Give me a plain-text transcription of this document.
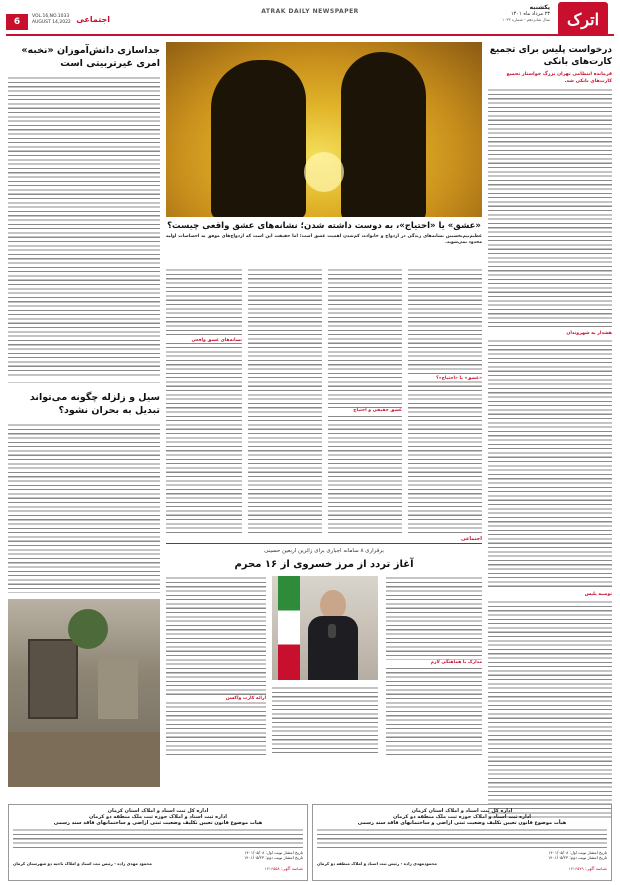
اترک
یکشنبه
۲۳ مرداد ماه ۱۴۰۱
سال شانزدهم - شماره ۱۰۳۳
ATRAK DAILY NEWSPAPER
6	اجتماعی
VOL.16,NO.1033
AUGUST 14,2022
جداسازی دانش‌آموزان «نخبه» امری غیرتربیتی است
سیل و زلزله چگونه می‌تواند تبدیل به بحران نشود؟
درخواست پلیس برای تجمیع کارت‌های بانکی
فرمانده انتظامی تهران بزرگ خواستار تجمیع کارت‌های بانکی شد.
هشدار به شهروندان
توصیه پلیس
«عشق» یا «احتیاج»، به دوست داشته شدن؛ نشانه‌های عشق واقعی چیست؟
عظیم‌نیم‌نخستین نشانه‌های زندگی در ازدواج و خانواده، کم‌شدن اهمیت عشق است؛ اما حقیقت این است که ازدواج‌های موفق به احساسات اولیه محدود نمی‌شوند.
«عشق» یا «احتیاج»؟
عشق حقیقی و احتیاج
نشانه‌های عشق واقعی
اجتماعی
برقراری ۸ سامانه اجباری برای زائرین اربعین حسینی
آغاز تردد از مرز خسروی از ۱۶ محرم
مدارک با هماهنگی لازم
ارائه کارت واکسن
اداره کل ثبت اسناد و املاک استان کرمان
اداره ثبت اسناد و املاک حوزه ثبت ملک منطقه دو کرمان
هیأت موضوع قانون تعیین تکلیف وضعیت ثبتی اراضی و ساختمانهای فاقد سند رسمی
تاریخ انتشار نوبت اول: ۱۴۰۱/۰۵/۰۸
تاریخ انتشار نوبت دوم: ۱۴۰۱/۰۵/۲۳
محمودمهدی زاده - رئیس ثبت اسناد و املاک منطقه دو کرمان
شناسه آگهی: ۱۴۱۶۵۷۹
اداره کل ثبت اسناد و املاک استان کرمان
اداره ثبت اسناد و املاک حوزه ثبت ملک منطقه دو کرمان
هیات موضوع قانون تعیین تکلیف وضعیت ثبتی اراضی و ساختمانهای فاقد سند رسمی
تاریخ انتشار نوبت اول: ۱۴۰۱/۰۵/۰۸
تاریخ انتشار نوبت دوم: ۱۴۰۱/۰۵/۲۳
محمود مهدی زاده - رئیس ثبت اسناد و املاک ناحیه دو شهرستان کرمان
شناسه آگهی: ۱۴۱۶۵۵۸
